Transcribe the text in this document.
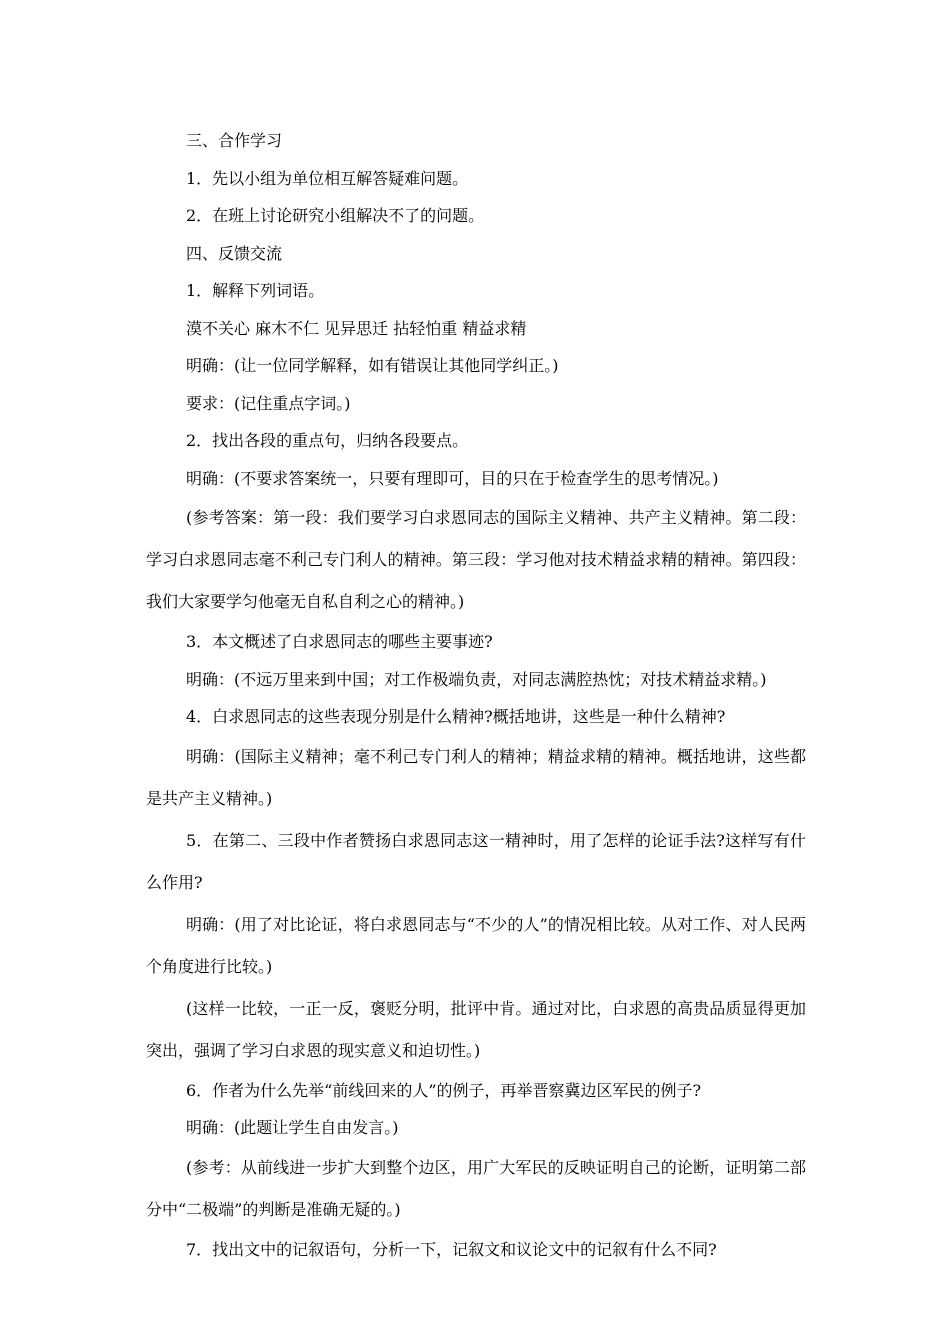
三、合作学习
1．先以小组为单位相互解答疑难问题。
2．在班上讨论研究小组解决不了的问题。
四、反馈交流
1．解释下列词语。
漠不关心 麻木不仁 见异思迁 拈轻怕重 精益求精
明确：(让一位同学解释，如有错误让其他同学纠正。)
要求：(记住重点字词。)
2．找出各段的重点句，归纳各段要点。
明确：(不要求答案统一，只要有理即可，目的只在于检查学生的思考情况。)

(参考答案：第一段：我们要学习白求恩同志的国际主义精神、共产主义精神。第二段：学习白求恩同志毫不利己专门利人的精神。第三段：学习他对技术精益求精的精神。第四段：我们大家要学匀他毫无自私自利之心的精神。)

3．本文概述了白求恩同志的哪些主要事迹?
明确：(不远万里来到中国；对工作极端负责，对同志满腔热忱；对技术精益求精。)
4．白求恩同志的这些表现分别是什么精神?概括地讲，这些是一种什么精神?

明确：(国际主义精神；毫不利己专门利人的精神；精益求精的精神。概括地讲，这些都是共产主义精神。)

5．在第二、三段中作者赞扬白求恩同志这一精神时，用了怎样的论证手法?这样写有什么作用?

明确：(用了对比论证，将白求恩同志与“不少的人”的情况相比较。从对工作、对人民两个角度进行比较。)

(这样一比较，一正一反，褒贬分明，批评中肯。通过对比，白求恩的高贵品质显得更加突出，强调了学习白求恩的现实意义和迫切性。)

6．作者为什么先举“前线回来的人”的例子，再举晋察冀边区军民的例子?
明确：(此题让学生自由发言。)

(参考：从前线进一步扩大到整个边区，用广大军民的反映证明自己的论断，证明第二部分中“二极端”的判断是准确无疑的。)

7．找出文中的记叙语句，分析一下，记叙文和议论文中的记叙有什么不同?
